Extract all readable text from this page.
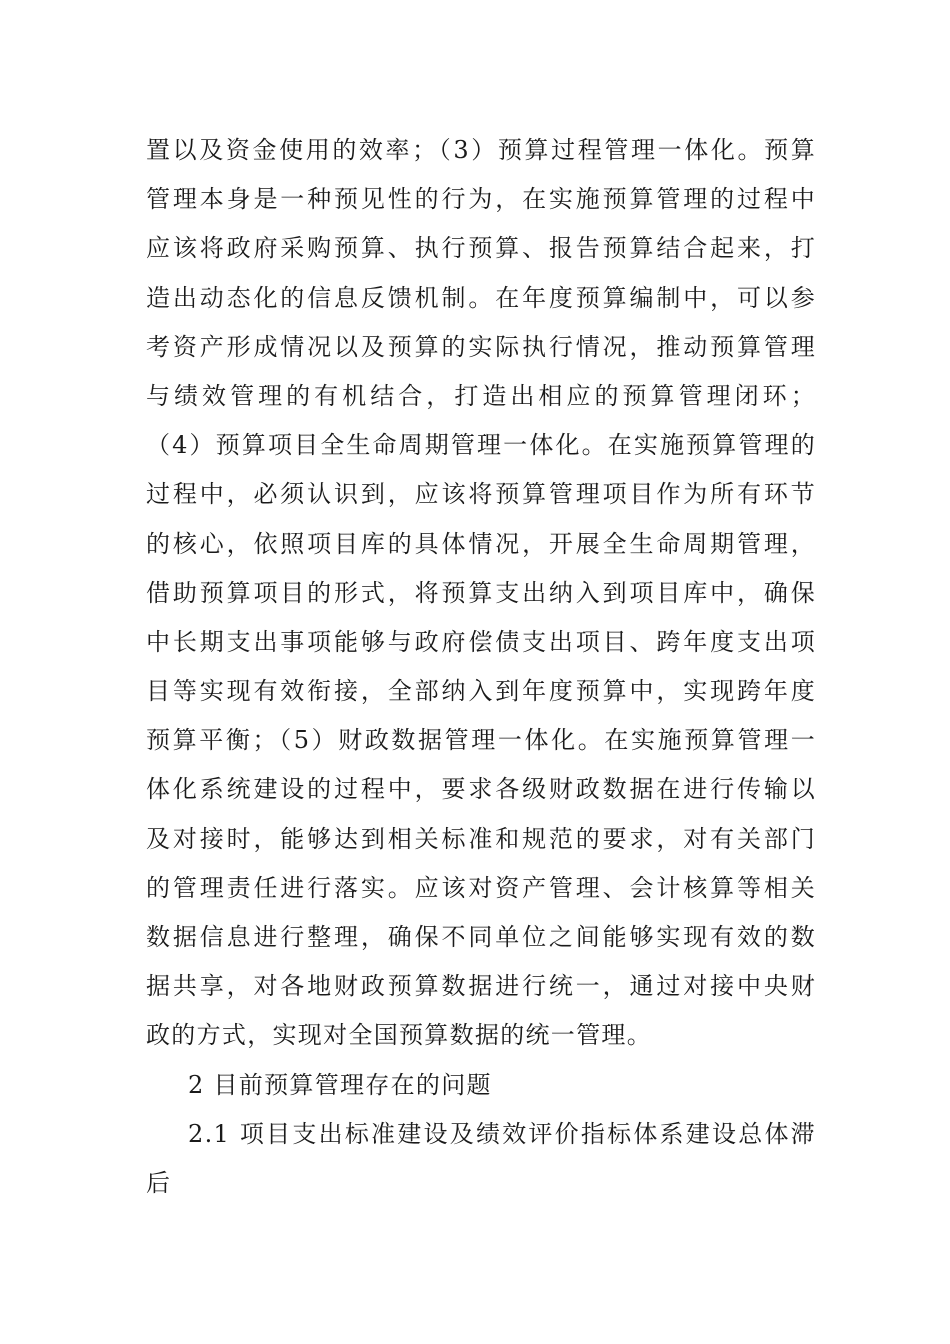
置以及资金使用的效率；（3）预算过程管理一体化。预算
管理本身是一种预见性的行为，在实施预算管理的过程中
应该将政府采购预算、执行预算、报告预算结合起来，打
造出动态化的信息反馈机制。在年度预算编制中，可以参
考资产形成情况以及预算的实际执行情况，推动预算管理
与绩效管理的有机结合，打造出相应的预算管理闭环；
（4）预算项目全生命周期管理一体化。在实施预算管理的
过程中，必须认识到，应该将预算管理项目作为所有环节
的核心，依照项目库的具体情况，开展全生命周期管理，
借助预算项目的形式，将预算支出纳入到项目库中，确保
中长期支出事项能够与政府偿债支出项目、跨年度支出项
目等实现有效衔接，全部纳入到年度预算中，实现跨年度
预算平衡；（5）财政数据管理一体化。在实施预算管理一
体化系统建设的过程中，要求各级财政数据在进行传输以
及对接时，能够达到相关标准和规范的要求，对有关部门
的管理责任进行落实。应该对资产管理、会计核算等相关
数据信息进行整理，确保不同单位之间能够实现有效的数
据共享，对各地财政预算数据进行统一，通过对接中央财
政的方式，实现对全国预算数据的统一管理。
2 目前预算管理存在的问题
2.1 项目支出标准建设及绩效评价指标体系建设总体滞
后
